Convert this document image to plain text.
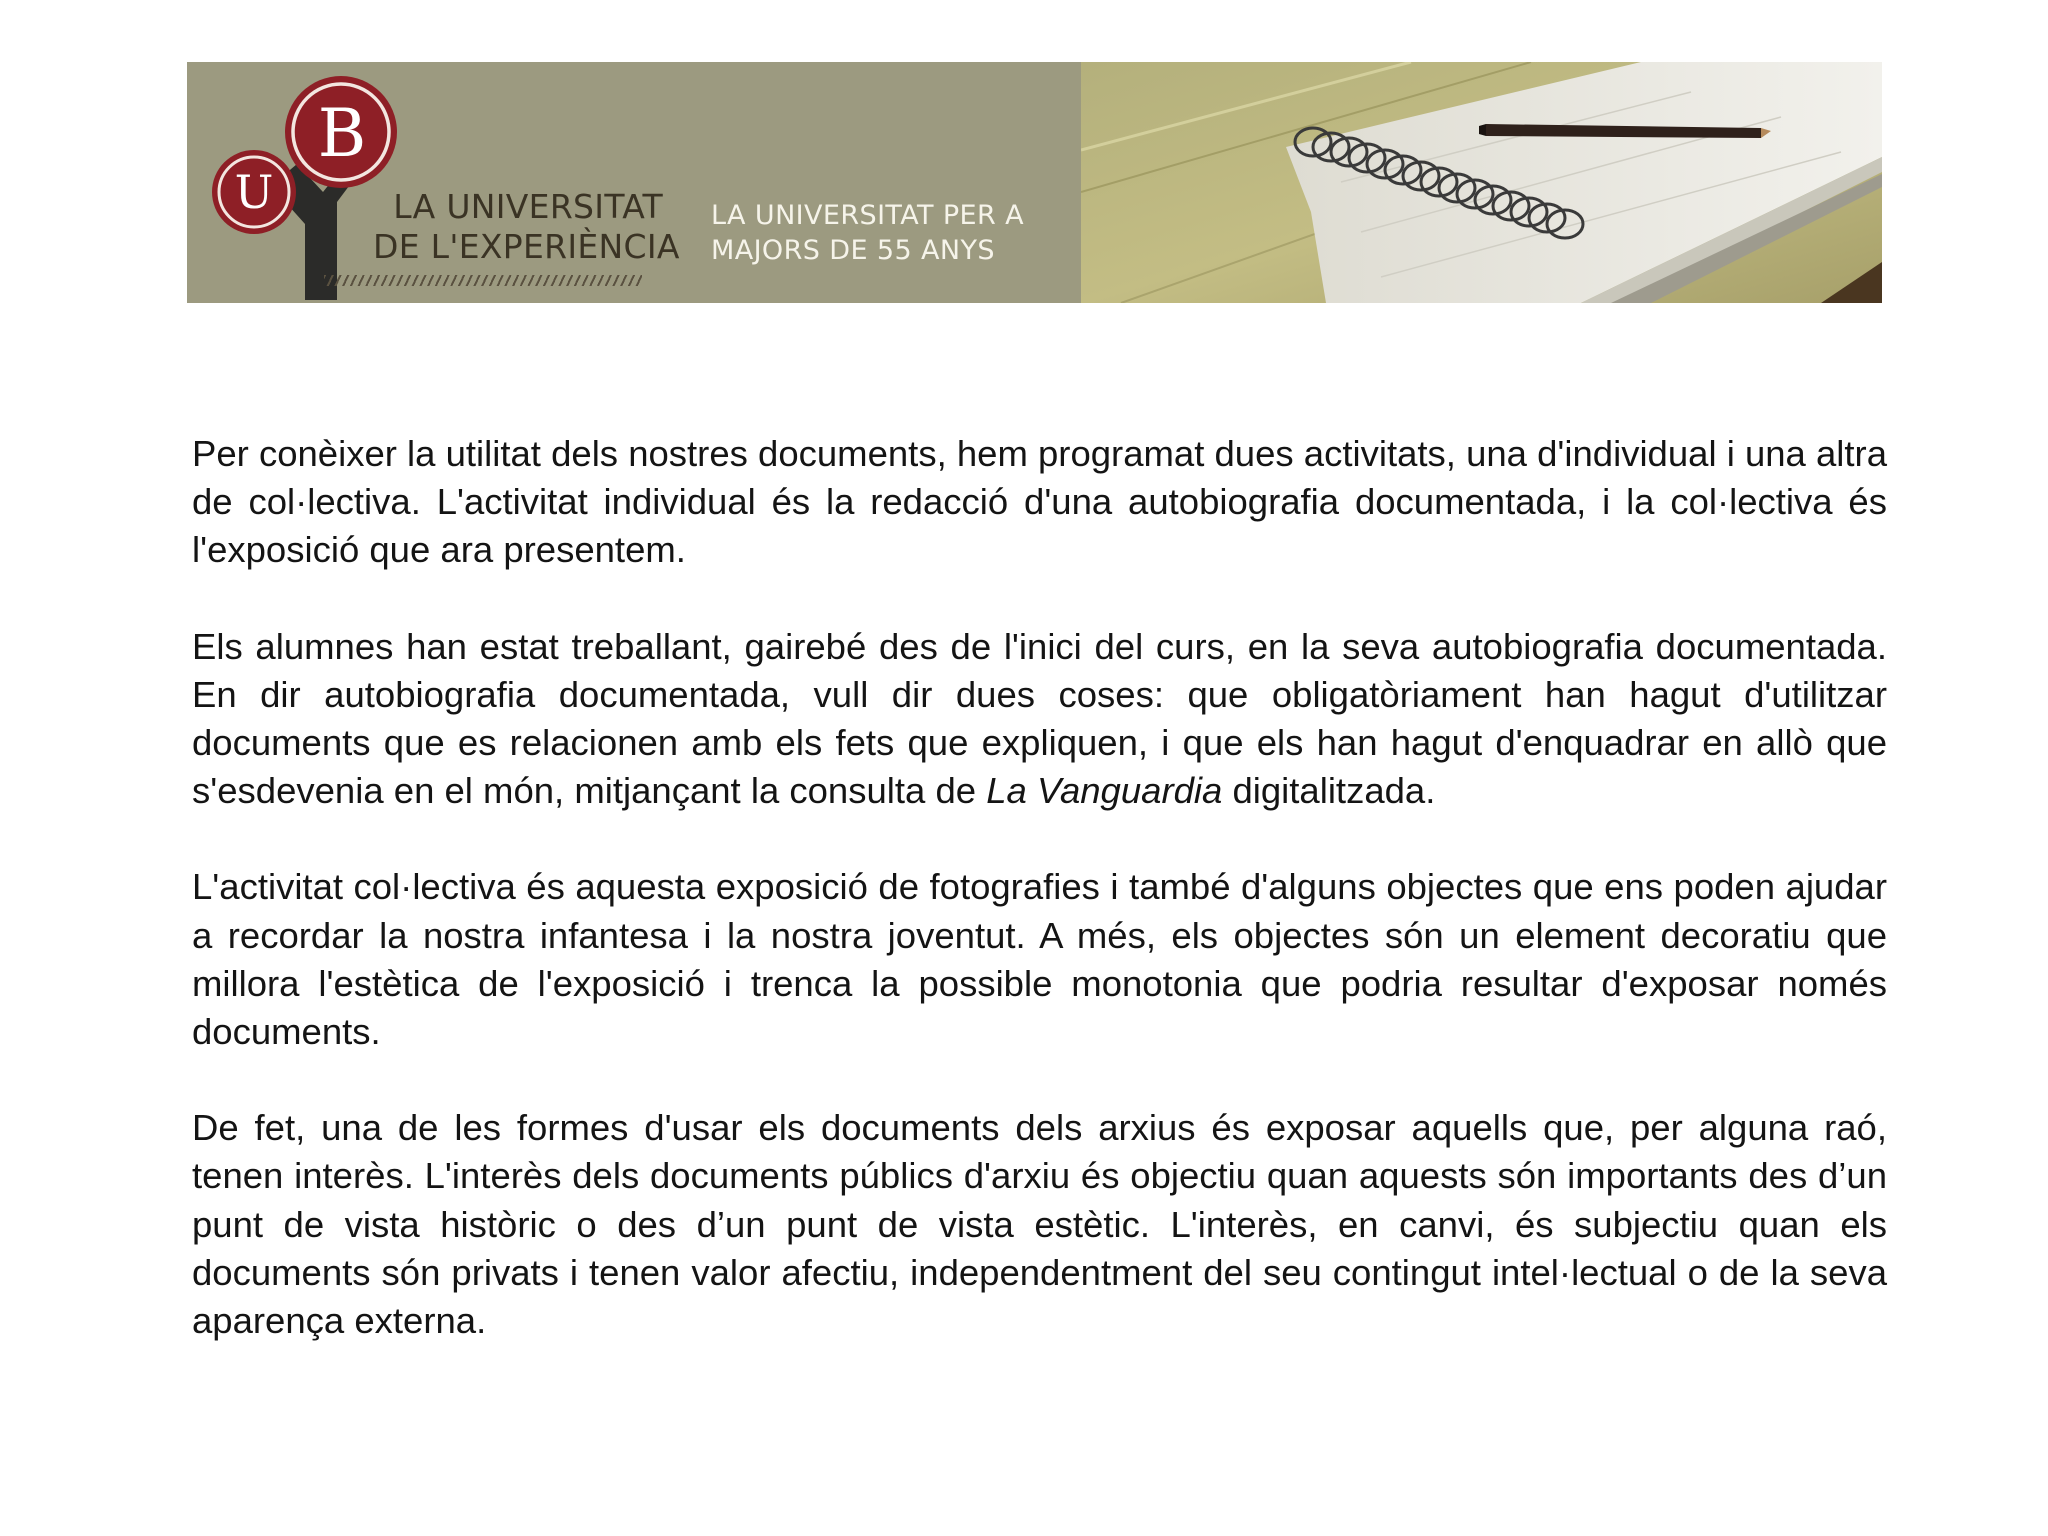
U
B
LA UNIVERSITAT
DE L'EXPERIÈNCIA
LA UNIVERSITAT PER A
MAJORS DE 55 ANYS

Per conèixer la utilitat dels nostres documents, hem programat dues activitats, una d'individual i una altra de col·lectiva. L'activitat individual és la redacció d'una autobiografia documentada, i la col·lectiva és l'exposició que ara presentem.

Els alumnes han estat treballant, gairebé des de l'inici del curs, en la seva autobiografia documentada. En dir autobiografia documentada, vull dir dues coses: que obligatòriament han hagut d'utilitzar documents que es relacionen amb els fets que expliquen, i que els han hagut d'enquadrar en allò que s'esdevenia en el món, mitjançant la consulta de La Vanguardia digitalitzada.

L'activitat col·lectiva és aquesta exposició de fotografies i també d'alguns objectes que ens poden ajudar a recordar la nostra infantesa i la nostra joventut. A més, els objectes són un element decoratiu que millora l'estètica de l'exposició i trenca la possible monotonia que podria resultar d'exposar només documents.

De fet, una de les formes d'usar els documents dels arxius és exposar aquells que, per alguna raó, tenen interès. L'interès dels documents públics d'arxiu és objectiu quan aquests són importants des d’un punt de vista històric o des d’un punt de vista estètic. L'interès, en canvi, és subjectiu quan els documents són privats i tenen valor afectiu, independentment del seu contingut intel·lectual o de la seva aparença externa.
